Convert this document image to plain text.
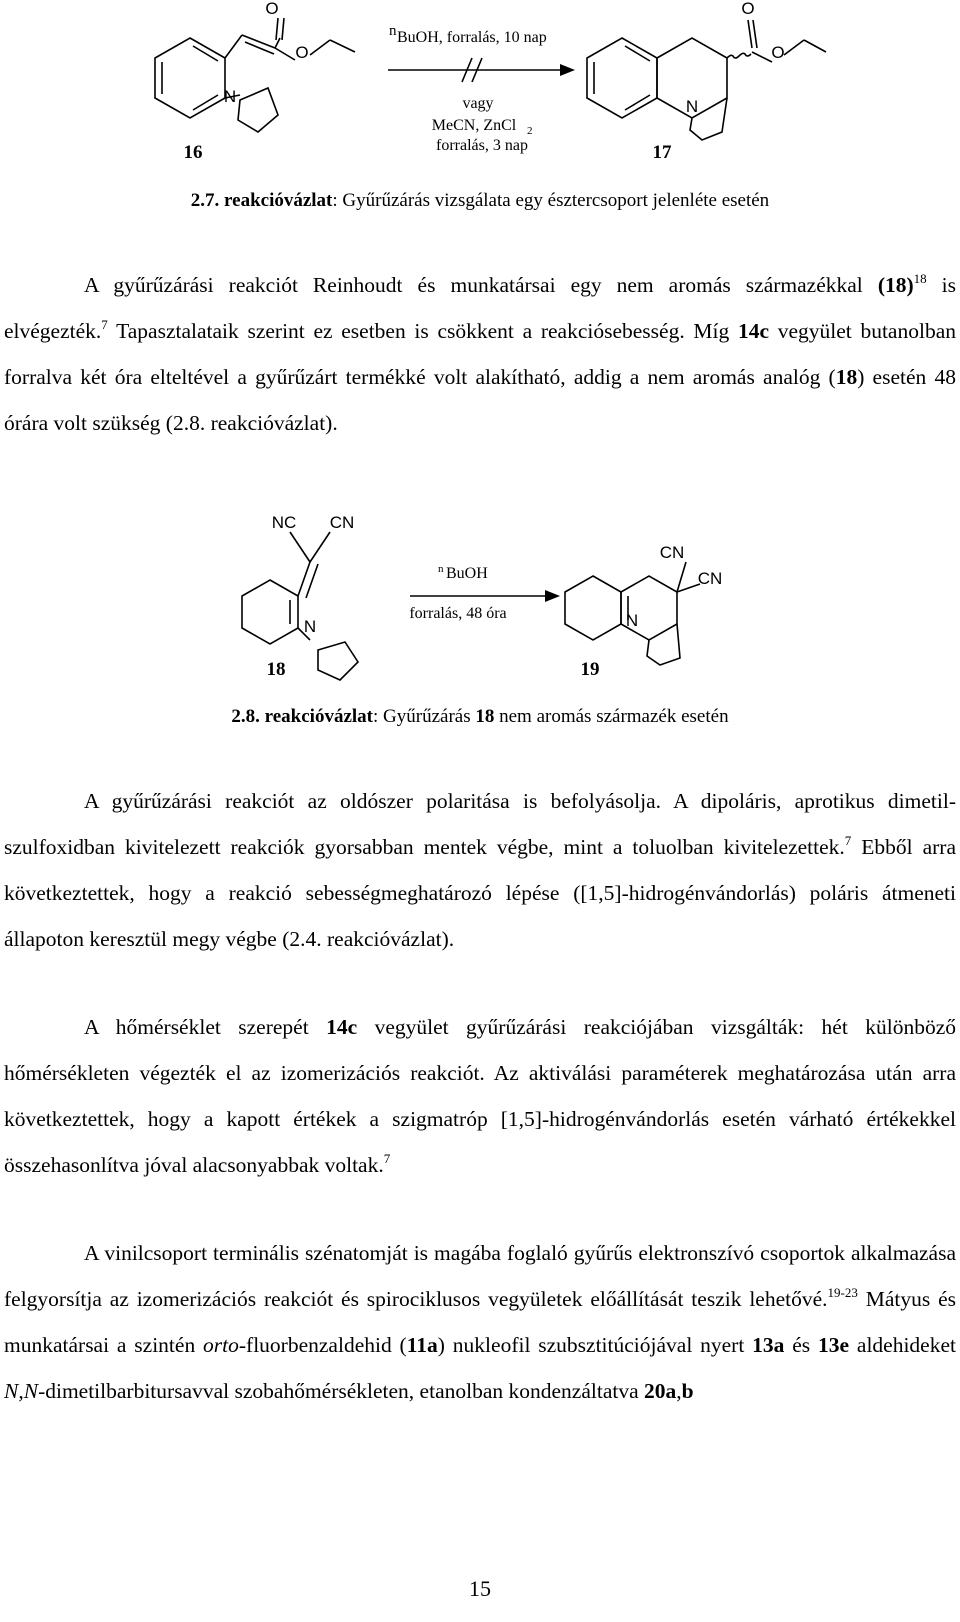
O
O
N
O
O
N
n BuOH, forralás, 10 nap
vagy
MeCN, ZnCl 2
forralás, 3 nap
16	17
2.7. reakcióvázlat: Gyűrűzárás vizsgálata egy észtercsoport jelenléte esetén

A gyűrűzárási reakciót Reinhoudt és munkatársai egy nem aromás származékkal $(18)^{18}$ is elvégezték.$^7$ Tapasztalataik szerint ez esetben is csökkent a reakciósebesség. Míg 14c vegyület butanolban forralva két óra elteltével a gyűrűzárt termékké volt alakítható, addig a nem aromás analóg (18) esetén 48 órára volt szükség (2.8. reakcióvázlat).

NC CN
N
CN
CN
N
n BuOH
forralás, 48 óra
18	19
2.8. reakcióvázlat: Gyűrűzárás 18 nem aromás származék esetén

A gyűrűzárási reakciót az oldószer polaritása is befolyásolja. A dipoláris, aprotikus dimetil-szulfoxidban kivitelezett reakciók gyorsabban mentek végbe, mint a toluolban kivitelezettek.$^7$ Ebből arra következtettek, hogy a reakció sebességmeghatározó lépése ([1,5]-hidrogénvándorlás) poláris átmeneti állapoton keresztül megy végbe (2.4. reakcióvázlat).

A hőmérséklet szerepét 14c vegyület gyűrűzárási reakciójában vizsgálták: hét különböző hőmérsékleten végezték el az izomerizációs reakciót. Az aktiválási paraméterek meghatározása után arra következtettek, hogy a kapott értékek a szigmatróp [1,5]-hidrogénvándorlás esetén várható értékekkel összehasonlítva jóval alacsonyabbak voltak.$^7$

A vinilcsoport terminális szénatomját is magába foglaló gyűrűs elektronszívó csoportok alkalmazása felgyorsítja az izomerizációs reakciót és spirociklusos vegyületek előállítását teszik lehetővé.$^{19-23}$ Mátyus és munkatársai a szintén orto-fluorbenzaldehid (11a) nukleofil szubsztitúciójával nyert 13a és 13e aldehideket N,N-dimetilbarbitursavval szobahőmérsékleten, etanolban kondenzáltatva 20a,b

15
